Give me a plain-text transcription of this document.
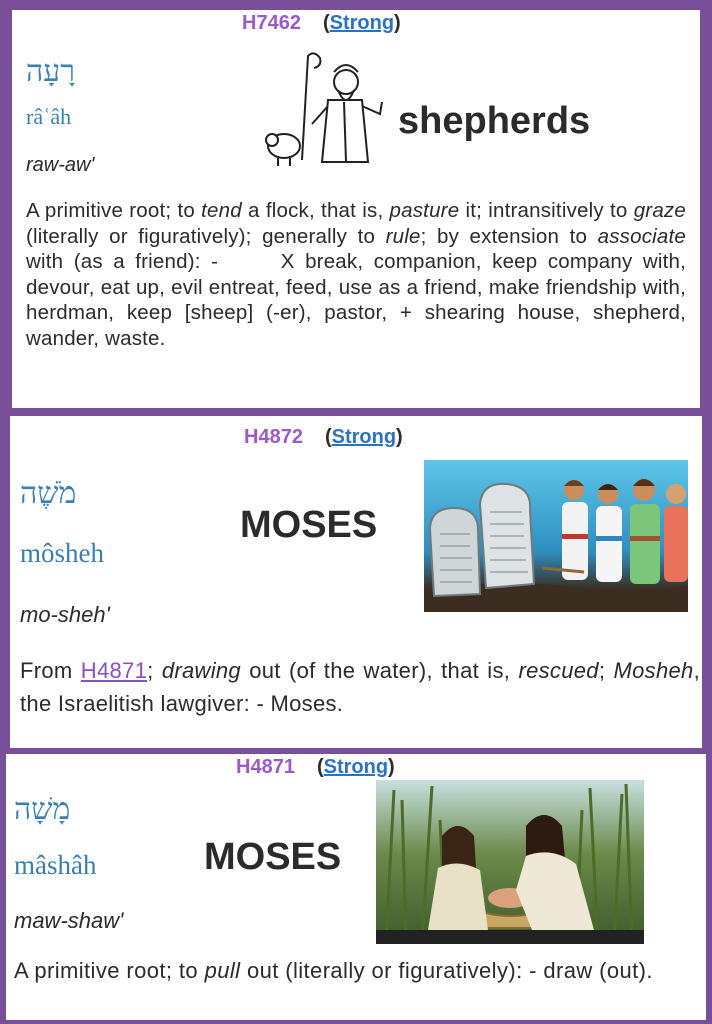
H7462 (Strong)
רָעָה
râʿâh
raw-aw'
shepherds
A primitive root; to tend a flock, that is, pasture it; intransitively to graze (literally or figuratively); generally to rule; by extension to associate with (as a friend): -      X break, companion, keep company with, devour, eat up, evil entreat, feed, use as a friend, make friendship with, herdman, keep [sheep] (-er), pastor, + shearing house, shepherd, wander, waste.
H4872 (Strong)
מֹשֶׁה
môsheh
mo-sheh'
MOSES
From H4871; drawing out (of the water), that is, rescued; Mosheh, the Israelitish lawgiver: - Moses.
H4871 (Strong)
מָשָׁה
mâshâh
maw-shaw'
MOSES
A primitive root; to pull out (literally or figuratively): - draw (out).
